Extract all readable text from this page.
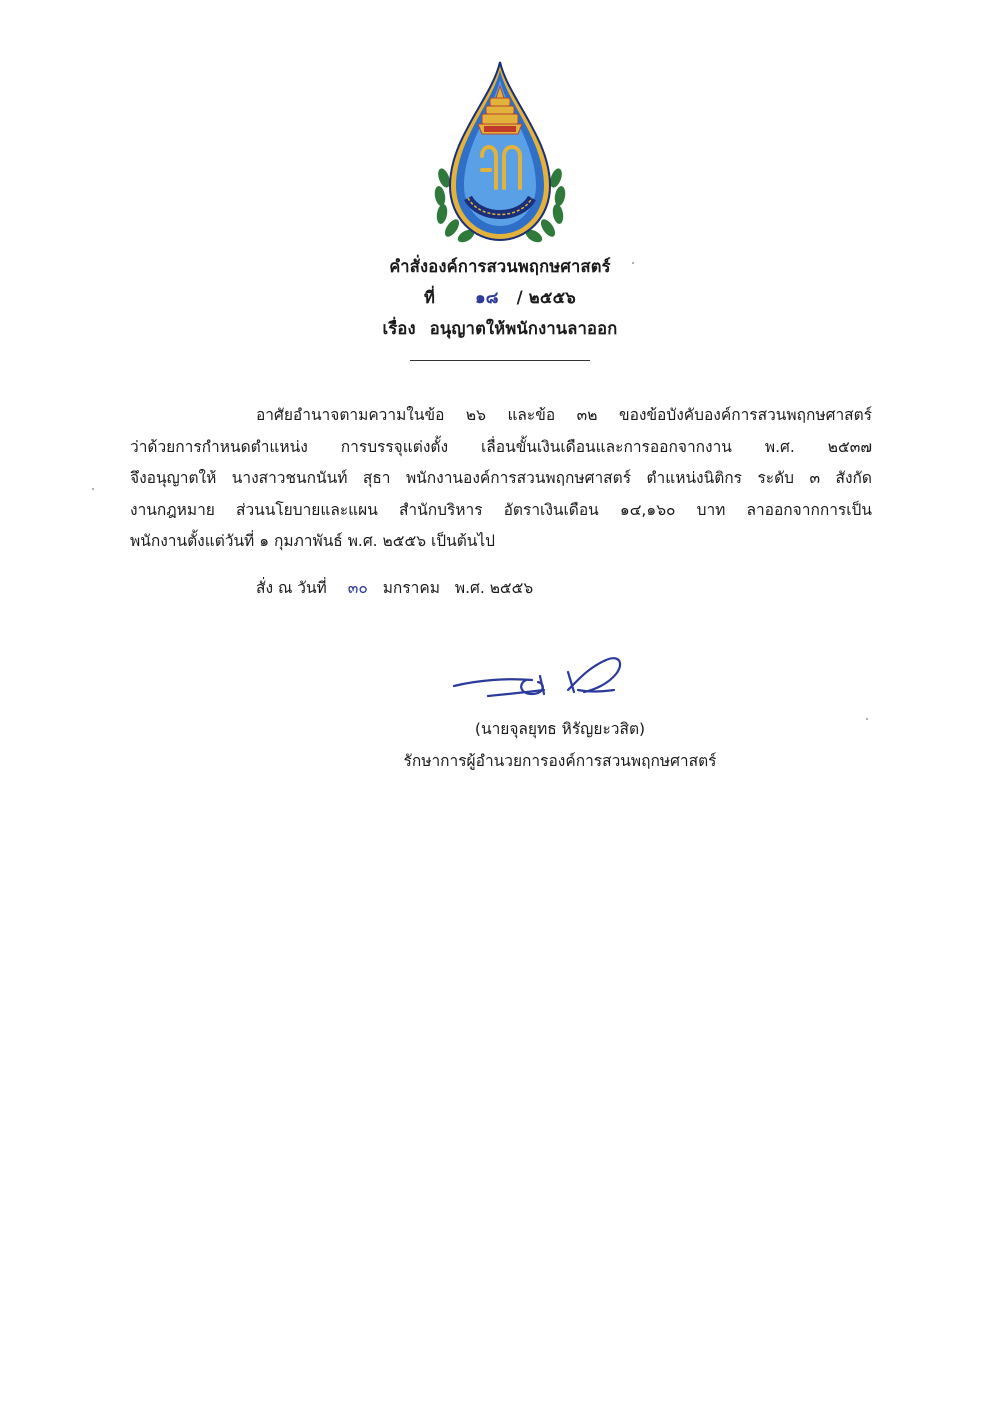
คำสั่งองค์การสวนพฤกษศาสตร์
ที่ ๑๘ / ๒๕๕๖
เรื่อง อนุญาตให้พนักงานลาออก
อาศัยอำนาจตามความในข้อ ๒๖ และข้อ ๓๒ ของข้อบังคับองค์การสวนพฤกษศาสตร์
ว่าด้วยการกำหนดตำแหน่ง การบรรจุแต่งตั้ง เลื่อนขั้นเงินเดือนและการออกจากงาน พ.ศ. ๒๕๓๗
จึงอนุญาตให้ นางสาวชนกนันท์ สุธา พนักงานองค์การสวนพฤกษศาสตร์ ตำแหน่งนิติกร ระดับ ๓ สังกัด
งานกฎหมาย ส่วนนโยบายและแผน สำนักบริหาร อัตราเงินเดือน ๑๔,๑๖๐ บาท ลาออกจากการเป็น
พนักงานตั้งแต่วันที่ ๑ กุมภาพันธ์ พ.ศ. ๒๕๕๖ เป็นต้นไป
สั่ง ณ วันที่ ๓๐ มกราคม พ.ศ. ๒๕๕๖
(นายจุลยุทธ หิรัญยะวสิต)
รักษาการผู้อำนวยการองค์การสวนพฤกษศาสตร์
